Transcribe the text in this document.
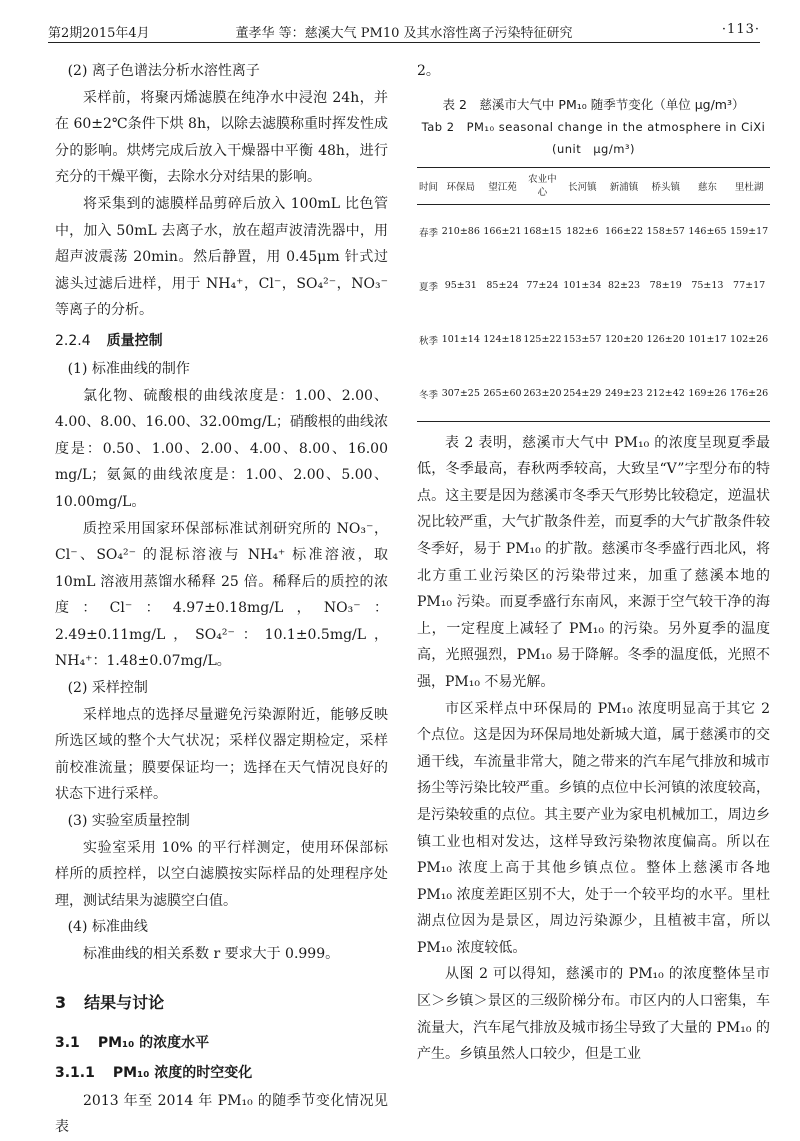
第2期2015年4月	董孝华 等：慈溪大气 PM10 及其水溶性离子污染特征研究	·113·

(2) 离子色谱法分析水溶性离子

采样前，将聚丙烯滤膜在纯净水中浸泡 24h，并在 60±2℃条件下烘 8h，以除去滤膜称重时挥发性成分的影响。烘烤完成后放入干燥器中平衡 48h，进行充分的干燥平衡，去除水分对结果的影响。

将采集到的滤膜样品剪碎后放入 100mL 比色管中，加入 50mL 去离子水，放在超声波清洗器中，用超声波震荡 20min。然后静置，用 0.45μm 针式过滤头过滤后进样，用于 NH₄⁺，Cl⁻，SO₄²⁻，NO₃⁻ 等离子的分析。

2.2.4 质量控制

(1) 标准曲线的制作

氯化物、硫酸根的曲线浓度是：1.00、2.00、4.00、8.00、16.00、32.00mg/L；硝酸根的曲线浓度是：0.50、1.00、2.00、4.00、8.00、16.00 mg/L；氨氮的曲线浓度是：1.00、2.00、5.00、10.00mg/L。

质控采用国家环保部标准试剂研究所的 NO₃⁻，Cl⁻、SO₄²⁻ 的混标溶液与 NH₄⁺ 标准溶液，取 10mL 溶液用蒸馏水稀释 25 倍。稀释后的质控的浓度：Cl⁻：4.97±0.18mg/L，NO₃⁻：2.49±0.11mg/L，SO₄²⁻：10.1±0.5mg/L，NH₄⁺：1.48±0.07mg/L。

(2) 采样控制

采样地点的选择尽量避免污染源附近，能够反映所选区域的整个大气状况；采样仪器定期检定，采样前校准流量；膜要保证均一；选择在天气情况良好的状态下进行采样。

(3) 实验室质量控制

实验室采用 10% 的平行样测定，使用环保部标样所的质控样，以空白滤膜按实际样品的处理程序处理，测试结果为滤膜空白值。

(4) 标准曲线

标准曲线的相关系数 r 要求大于 0.999。

3 结果与讨论
3.1 PM₁₀ 的浓度水平
3.1.1 PM₁₀ 浓度的时空变化

2013 年至 2014 年 PM₁₀ 的随季节变化情况见表

2。

表 2　慈溪市大气中 PM₁₀ 随季节变化（单位 μg/m³）

Tab 2　PM₁₀ seasonal change in the atmosphere in CiXi

(unit　μg/m³)

时间	环保局	望江苑	农业中心	长河镇	新浦镇	桥头镇	慈东	里杜湖
春季	210±86	166±21	168±15	182±6	166±22	158±57	146±65	159±17
夏季	95±31	85±24	77±24	101±34	82±23	78±19	75±13	77±17
秋季	101±14	124±18	125±22	153±57	120±20	126±20	101±17	102±26
冬季	307±25	265±60	263±20	254±29	249±23	212±42	169±26	176±26

表 2 表明，慈溪市大气中 PM₁₀ 的浓度呈现夏季最低，冬季最高，春秋两季较高，大致呈“V”字型分布的特点。这主要是因为慈溪市冬季天气形势比较稳定，逆温状况比较严重，大气扩散条件差，而夏季的大气扩散条件较冬季好，易于 PM₁₀ 的扩散。慈溪市冬季盛行西北风，将北方重工业污染区的污染带过来，加重了慈溪本地的 PM₁₀ 污染。而夏季盛行东南风，来源于空气较干净的海上，一定程度上减轻了 PM₁₀ 的污染。另外夏季的温度高，光照强烈，PM₁₀ 易于降解。冬季的温度低，光照不强，PM₁₀ 不易光解。

市区采样点中环保局的 PM₁₀ 浓度明显高于其它 2 个点位。这是因为环保局地处新城大道，属于慈溪市的交通干线，车流量非常大，随之带来的汽车尾气排放和城市扬尘等污染比较严重。乡镇的点位中长河镇的浓度较高，是污染较重的点位。其主要产业为家电机械加工，周边乡镇工业也相对发达，这样导致污染物浓度偏高。所以在 PM₁₀ 浓度上高于其他乡镇点位。整体上慈溪市各地 PM₁₀ 浓度差距区别不大，处于一个较平均的水平。里杜湖点位因为是景区，周边污染源少，且植被丰富，所以 PM₁₀ 浓度较低。

从图 2 可以得知，慈溪市的 PM₁₀ 的浓度整体呈市区＞乡镇＞景区的三级阶梯分布。市区内的人口密集，车流量大，汽车尾气排放及城市扬尘导致了大量的 PM₁₀ 的产生。乡镇虽然人口较少，但是工业
